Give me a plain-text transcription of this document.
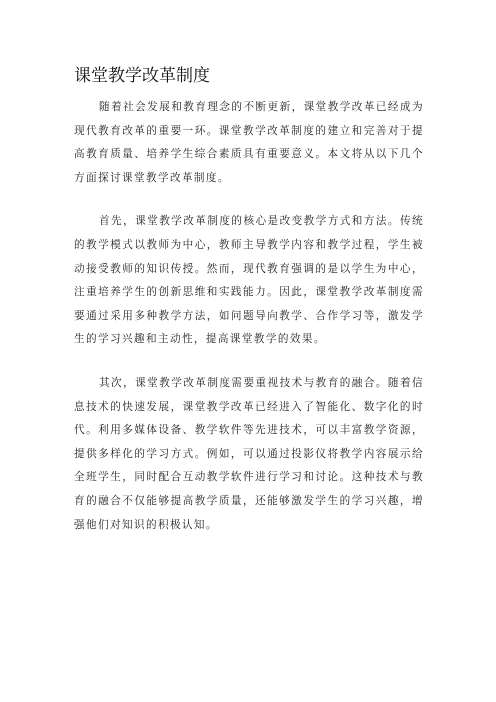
课堂教学改革制度

随着社会发展和教育理念的不断更新，课堂教学改革已经成为现代教育改革的重要一环。课堂教学改革制度的建立和完善对于提高教育质量、培养学生综合素质具有重要意义。本文将从以下几个方面探讨课堂教学改革制度。

首先，课堂教学改革制度的核心是改变教学方式和方法。传统的教学模式以教师为中心，教师主导教学内容和教学过程，学生被动接受教师的知识传授。然而，现代教育强调的是以学生为中心，注重培养学生的创新思维和实践能力。因此，课堂教学改革制度需要通过采用多种教学方法，如问题导向教学、合作学习等，激发学生的学习兴趣和主动性，提高课堂教学的效果。

其次，课堂教学改革制度需要重视技术与教育的融合。随着信息技术的快速发展，课堂教学改革已经进入了智能化、数字化的时代。利用多媒体设备、教学软件等先进技术，可以丰富教学资源，提供多样化的学习方式。例如，可以通过投影仪将教学内容展示给全班学生，同时配合互动教学软件进行学习和讨论。这种技术与教育的融合不仅能够提高教学质量，还能够激发学生的学习兴趣，增强他们对知识的积极认知。
